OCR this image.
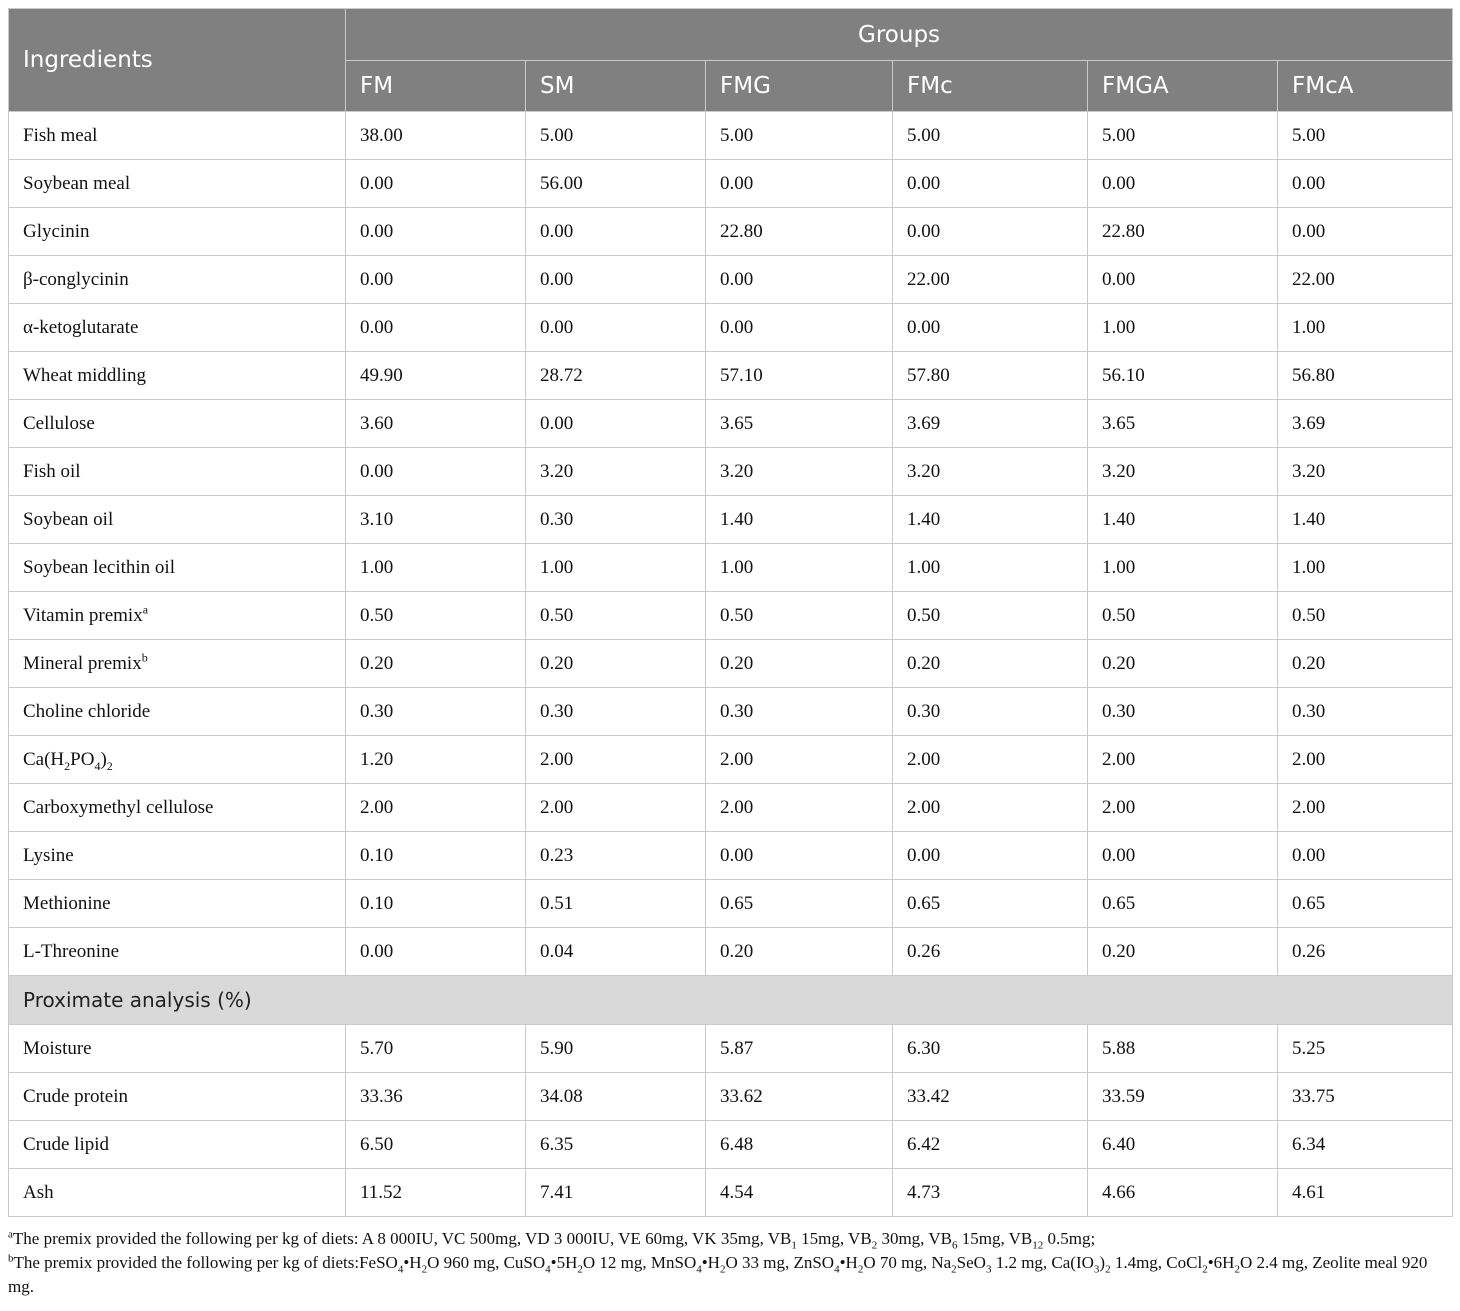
Ingredients	Groups					
	FM	SM	FMG	FMc	FMGA	FMcA
Fish meal	38.00	5.00	5.00	5.00	5.00	5.00
Soybean meal	0.00	56.00	0.00	0.00	0.00	0.00
Glycinin	0.00	0.00	22.80	0.00	22.80	0.00
β-conglycinin	0.00	0.00	0.00	22.00	0.00	22.00
α-ketoglutarate	0.00	0.00	0.00	0.00	1.00	1.00
Wheat middling	49.90	28.72	57.10	57.80	56.10	56.80
Cellulose	3.60	0.00	3.65	3.69	3.65	3.69
Fish oil	0.00	3.20	3.20	3.20	3.20	3.20
Soybean oil	3.10	0.30	1.40	1.40	1.40	1.40
Soybean lecithin oil	1.00	1.00	1.00	1.00	1.00	1.00
Vitamin premix$^a$	0.50	0.50	0.50	0.50	0.50	0.50
Mineral premix$^b$	0.20	0.20	0.20	0.20	0.20	0.20
Choline chloride	0.30	0.30	0.30	0.30	0.30	0.30
$Ca(H_2PO_4)_2$	1.20	2.00	2.00	2.00	2.00	2.00
Carboxymethyl cellulose	2.00	2.00	2.00	2.00	2.00	2.00
Lysine	0.10	0.23	0.00	0.00	0.00	0.00
Methionine	0.10	0.51	0.65	0.65	0.65	0.65
L-Threonine	0.00	0.04	0.20	0.26	0.20	0.26
Proximate analysis (%)						
Moisture	5.70	5.90	5.87	6.30	5.88	5.25
Crude protein	33.36	34.08	33.62	33.42	33.59	33.75
Crude lipid	6.50	6.35	6.48	6.42	6.40	6.34
Ash	11.52	7.41	4.54	4.73	4.66	4.61
$^a$The premix provided the following per kg of diets: A 8 000IU, VC 500mg, VD 3 000IU, VE 60mg, VK 35mg, $VB_1$ 15mg, $VB_2$ 30mg, $VB_6$ 15mg, $VB_{12}$ 0.5mg;
$^b$The premix provided the following per kg of $diets:FeSO_4•H_2O$ 960 mg, $CuSO_4•5H_2O$ 12 mg, $MnSO_4•H_2O$ 33 mg, $ZnSO_4•H_2O$ 70 mg, $Na_2SeO_3$ 1.2 mg, $Ca(IO_3)_2$ 1.4mg, $CoCl_2•6H_2O$ 2.4 mg, Zeolite meal 920 mg.
